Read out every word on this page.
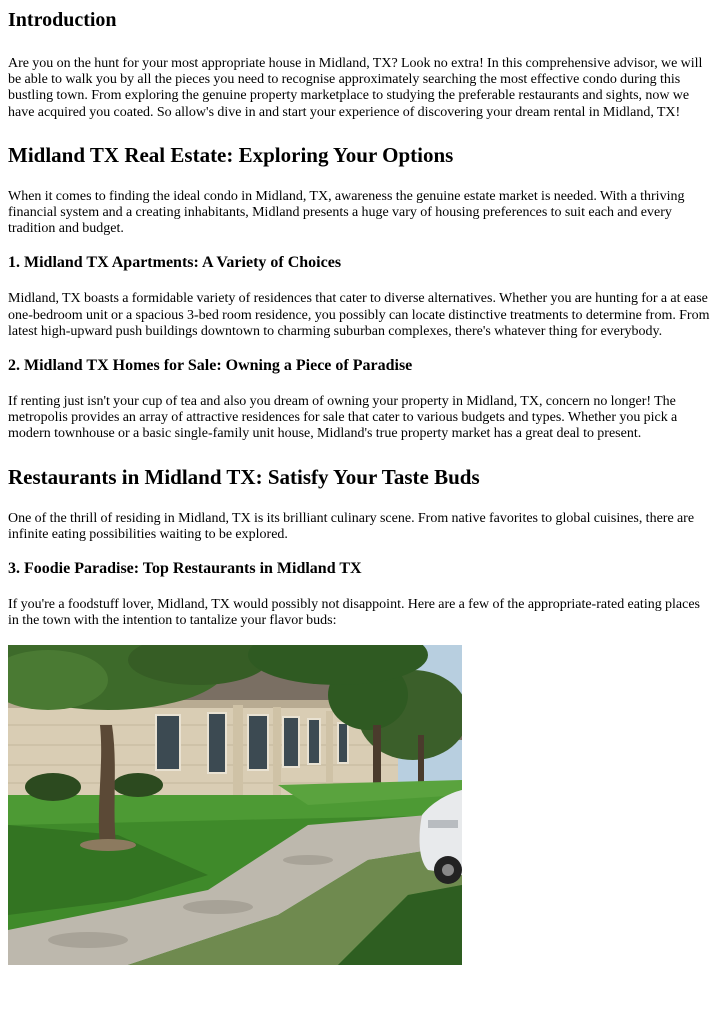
Introduction

Are you on the hunt for your most appropriate house in Midland, TX? Look no extra! In this comprehensive advisor, we will be able to walk you by all the pieces you need to recognise approximately searching the most effective condo during this bustling town. From exploring the genuine property marketplace to studying the preferable restaurants and sights, now we have acquired you coated. So allow's dive in and start your experience of discovering your dream rental in Midland, TX!

Midland TX Real Estate: Exploring Your Options

When it comes to finding the ideal condo in Midland, TX, awareness the genuine estate market is needed. With a thriving financial system and a creating inhabitants, Midland presents a huge vary of housing preferences to suit each and every tradition and budget.

1. Midland TX Apartments: A Variety of Choices

Midland, TX boasts a formidable variety of residences that cater to diverse alternatives. Whether you are hunting for a at ease one-bedroom unit or a spacious 3-bed room residence, you possibly can locate distinctive treatments to determine from. From latest high-upward push buildings downtown to charming suburban complexes, there's whatever thing for everybody.

2. Midland TX Homes for Sale: Owning a Piece of Paradise

If renting just isn't your cup of tea and also you dream of owning your property in Midland, TX, concern no longer! The metropolis provides an array of attractive residences for sale that cater to various budgets and types. Whether you pick a modern townhouse or a basic single-family unit house, Midland's true property market has a great deal to present.

Restaurants in Midland TX: Satisfy Your Taste Buds

One of the thrill of residing in Midland, TX is its brilliant culinary scene. From native favorites to global cuisines, there are infinite eating possibilities waiting to be explored.

3. Foodie Paradise: Top Restaurants in Midland TX

If you're a foodstuff lover, Midland, TX would possibly not disappoint. Here are a few of the appropriate-rated eating places in the town with the intention to tantalize your flavor buds:
